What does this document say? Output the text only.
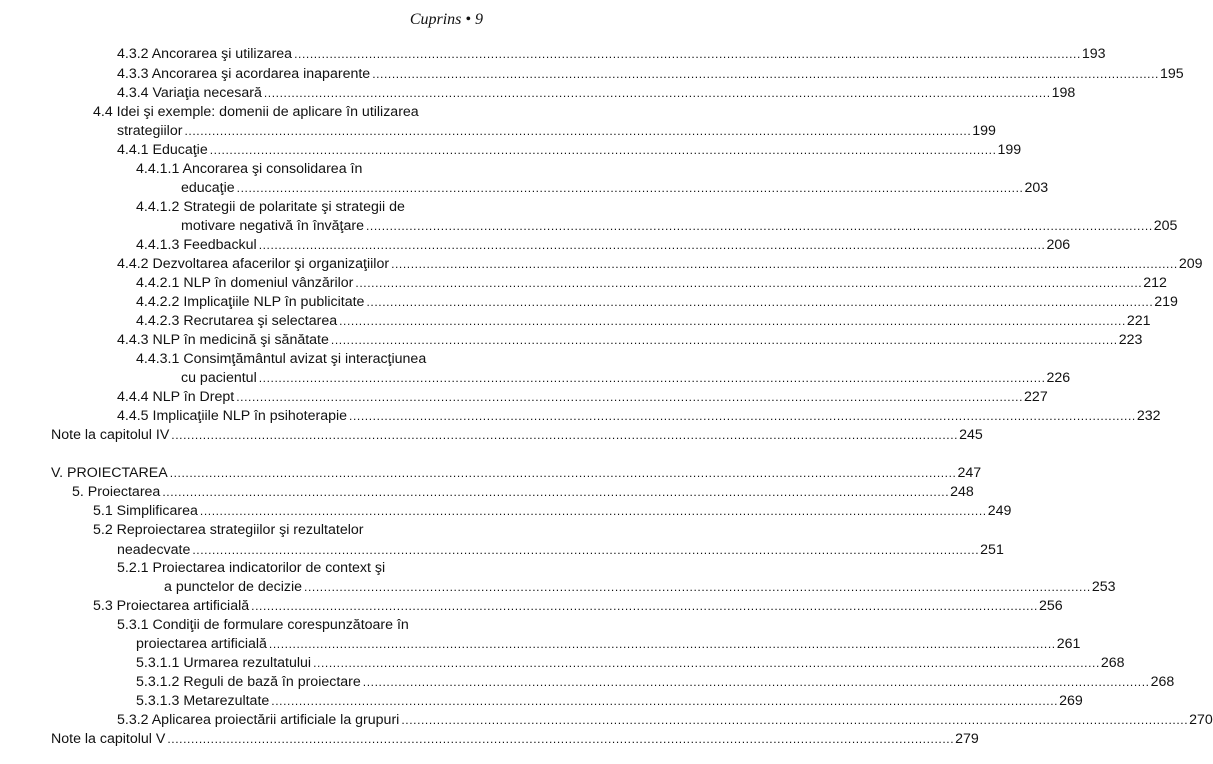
Cuprins • 9
4.3.2 Ancorarea şi utilizarea ........................................................................................................................................................................................................ 193
4.3.3 Ancorarea şi acordarea inaparente ........................................................................................................................................................................................................ 195
4.3.4 Variaţia necesară ........................................................................................................................................................................................................ 198
4.4 Idei şi exemple: domenii de aplicare în utilizarea
strategiilor ........................................................................................................................................................................................................ 199
4.4.1 Educaţie ........................................................................................................................................................................................................ 199
4.4.1.1 Ancorarea şi consolidarea în
educaţie ........................................................................................................................................................................................................ 203
4.4.1.2 Strategii de polaritate şi strategii de
motivare negativă în învăţare ........................................................................................................................................................................................................ 205
4.4.1.3 Feedbackul ........................................................................................................................................................................................................ 206
4.4.2 Dezvoltarea afacerilor şi organizaţiilor ........................................................................................................................................................................................................ 209
4.4.2.1 NLP în domeniul vânzărilor ........................................................................................................................................................................................................ 212
4.4.2.2 Implicaţiile NLP în publicitate ........................................................................................................................................................................................................ 219
4.4.2.3 Recrutarea şi selectarea ........................................................................................................................................................................................................ 221
4.4.3 NLP în medicină şi sănătate ........................................................................................................................................................................................................ 223
4.4.3.1 Consimţământul avizat şi interacţiunea
cu pacientul ........................................................................................................................................................................................................ 226
4.4.4 NLP în Drept ........................................................................................................................................................................................................ 227
4.4.5 Implicaţiile NLP în psihoterapie ........................................................................................................................................................................................................ 232
Note la capitolul IV ........................................................................................................................................................................................................ 245
V. PROIECTAREA ........................................................................................................................................................................................................ 247
5. Proiectarea ........................................................................................................................................................................................................ 248
5.1 Simplificarea ........................................................................................................................................................................................................ 249
5.2 Reproiectarea strategiilor şi rezultatelor
neadecvate ........................................................................................................................................................................................................ 251
5.2.1 Proiectarea indicatorilor de context şi
a punctelor de decizie ........................................................................................................................................................................................................ 253
5.3 Proiectarea artificială ........................................................................................................................................................................................................ 256
5.3.1 Condiţii de formulare corespunzătoare în
proiectarea artificială ........................................................................................................................................................................................................ 261
5.3.1.1 Urmarea rezultatului ........................................................................................................................................................................................................ 268
5.3.1.2 Reguli de bază în proiectare ........................................................................................................................................................................................................ 268
5.3.1.3 Metarezultate ........................................................................................................................................................................................................ 269
5.3.2 Aplicarea proiectării artificiale la grupuri ........................................................................................................................................................................................................ 270
Note la capitolul V ........................................................................................................................................................................................................ 279
